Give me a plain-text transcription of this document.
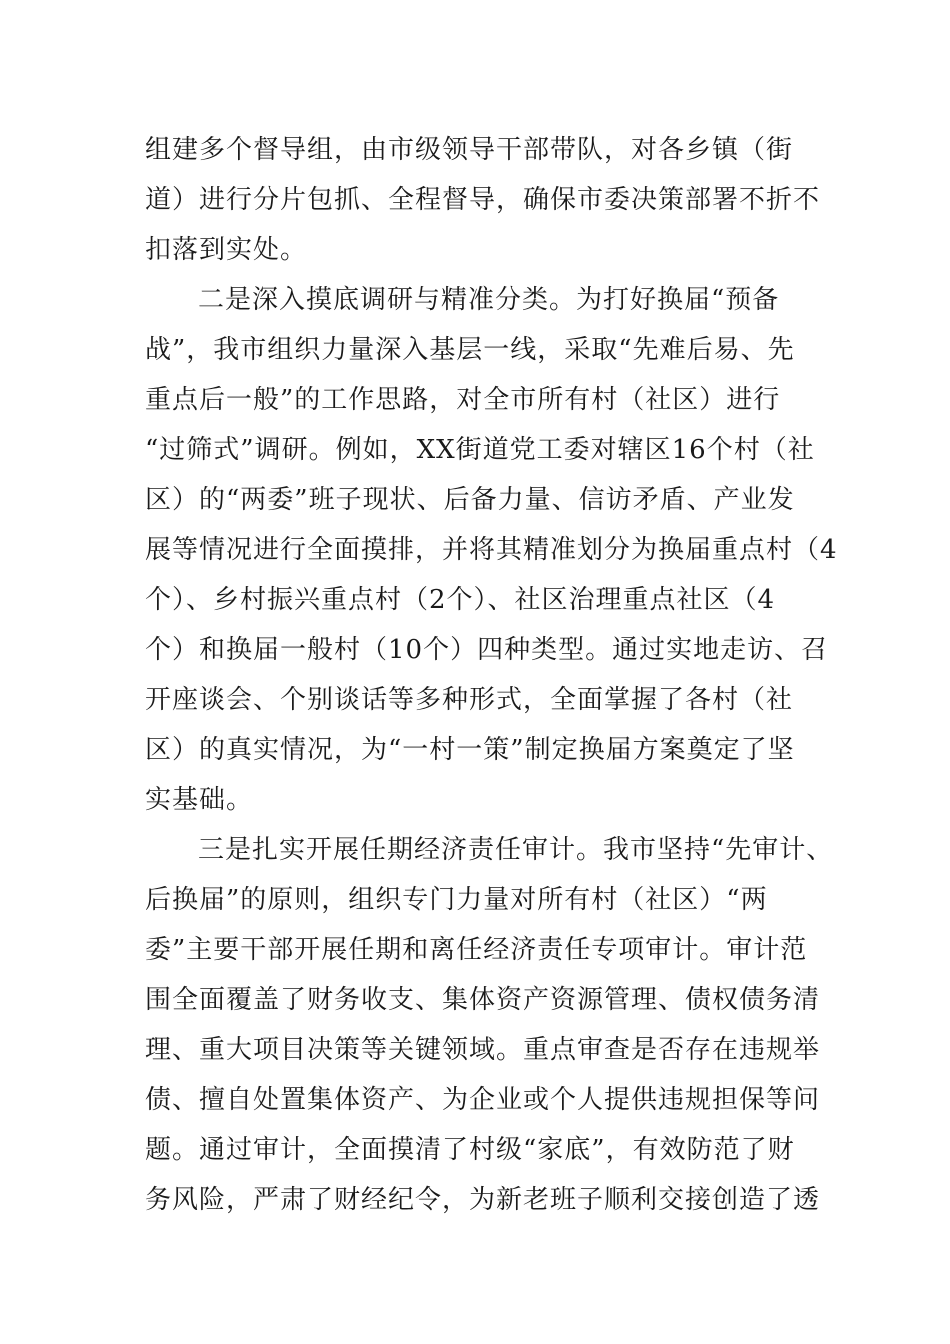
组建多个督导组，由市级领导干部带队，对各乡镇（街
道）进行分片包抓、全程督导，确保市委决策部署不折不
扣落到实处。
二是深入摸底调研与精准分类。为打好换届“预备
战”，我市组织力量深入基层一线，采取“先难后易、先
重点后一般”的工作思路，对全市所有村（社区）进行
“过筛式”调研。例如，XX街道党工委对辖区16个村（社
区）的“两委”班子现状、后备力量、信访矛盾、产业发
展等情况进行全面摸排，并将其精准划分为换届重点村（4
个）、乡村振兴重点村（2个）、社区治理重点社区（4
个）和换届一般村（10个）四种类型。通过实地走访、召
开座谈会、个别谈话等多种形式，全面掌握了各村（社
区）的真实情况，为“一村一策”制定换届方案奠定了坚
实基础。
三是扎实开展任期经济责任审计。我市坚持“先审计、
后换届”的原则，组织专门力量对所有村（社区）“两
委”主要干部开展任期和离任经济责任专项审计。审计范
围全面覆盖了财务收支、集体资产资源管理、债权债务清
理、重大项目决策等关键领域。重点审查是否存在违规举
债、擅自处置集体资产、为企业或个人提供违规担保等问
题。通过审计，全面摸清了村级“家底”，有效防范了财
务风险，严肃了财经纪令，为新老班子顺利交接创造了透
